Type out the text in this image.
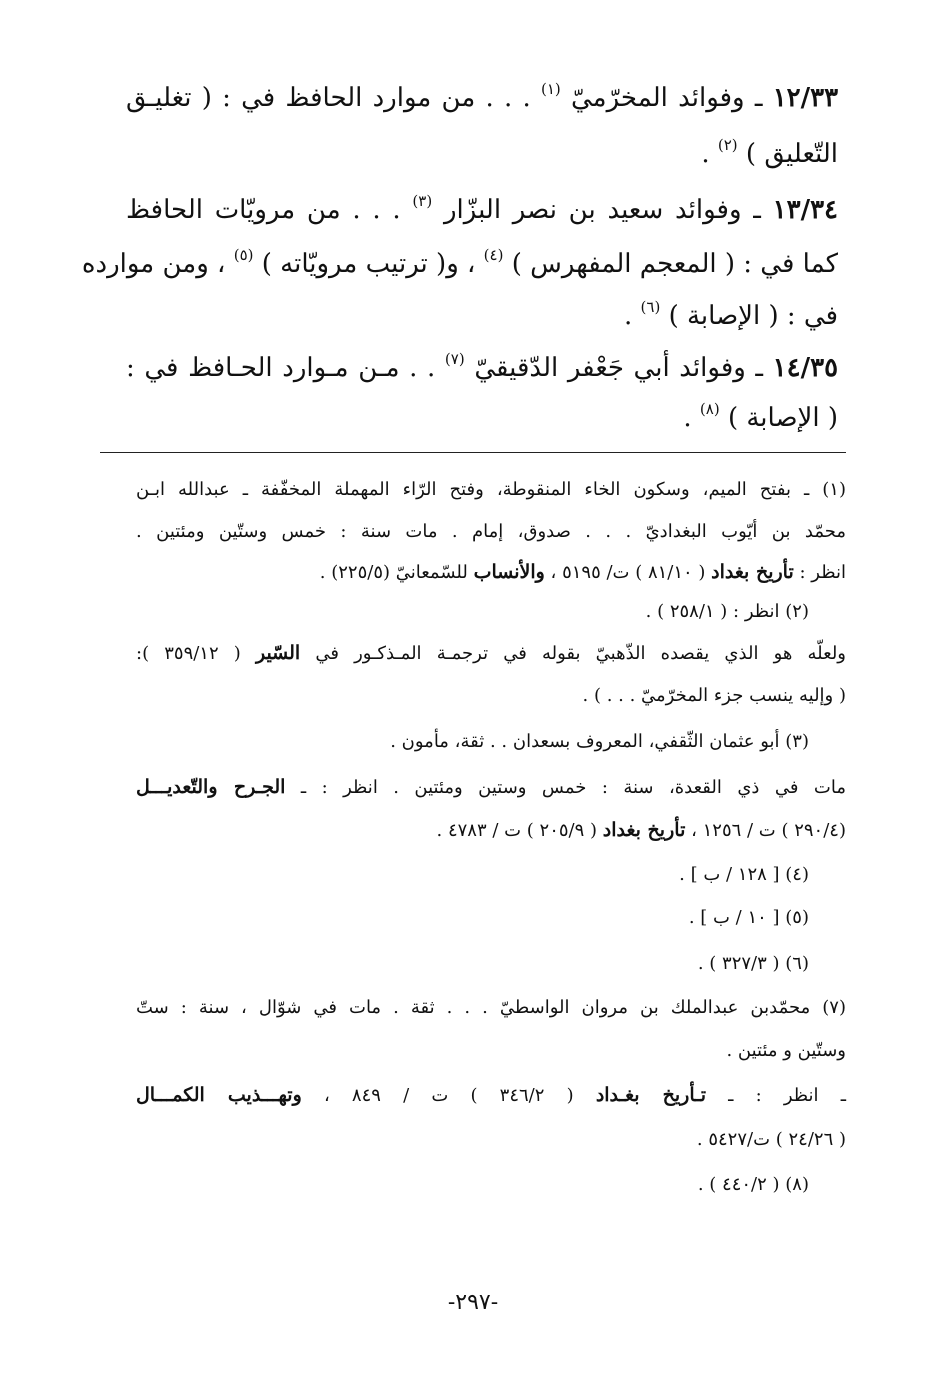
١٢/٣٣ ـ وفوائد المخرّميّ $^{(١)}$ . . . من موارد الحافظ في : ( تغليـق
التّعليق ) $^{(٢)}$ .
١٣/٣٤ ـ وفوائد سعيد بن نصر البزّار $^{(٣)}$ . . . من مرويّات الحافظ
كما في : ( المعجم المفهرس ) $^{(٤)}$ ، و( ترتيب مرويّاته ) $^{(٥)}$ ، ومن موارده
في : ( الإصابة ) $^{(٦)}$ .
١٤/٣٥ ـ وفوائد أبي جَعْفر الدّقيقيّ $^{(٧)}$ . . مـن مـوارد الحـافظ في :
( الإصابة ) $^{(٨)}$ .
(١) ـ بفتح الميم، وسكون الخاء المنقوطة، وفتح الرّاء المهملة المخفّفة ـ عبدالله ابـن
محمّد بن أيّوب البغداديّ . . . صدوق، إمام . مات سنة : خمس وستّين ومئتين .
انظر : تأريخ بغداد ( ٨١/١٠ ) ت/ ٥١٩٥ ، والأنساب للسّمعانيّ (٢٢٥/٥) .
(٢) انظر : ( ٢٥٨/١ ) .
ولعلّه هو الذي يقصده الذّهبيّ بقوله في ترجمـة المـذكـور في السّير ( ٣٥٩/١٢ ):
( وإليه ينسب جزء المخرّميّ . . . ) .
(٣) أبو عثمان الثّقفي، المعروف بسعدان . . ثقة، مأمون .
مات في ذي القعدة، سنة : خمس وستين ومئتين . انظر : ـ الجـرح والتّعديـــل
(٢٩٠/٤ ) ت / ١٢٥٦ ، تأريخ بغداد ( ٢٠٥/٩ ) ت / ٤٧٨٣ .
(٤) [ ١٢٨ / ب ] .
(٥) [ ١٠ / ب ] .
(٦) ( ٣٢٧/٣ ) .
(٧) محمّدبن عبدالملك بن مروان الواسطيّ . . . ثقة . مات في شوّال ، سنة : ستّ
وستّين و مئتين .
ـ انظر : ـ تـأريخ بغـداد ( ٣٤٦/٢ ) ت / ٨٤٩ ، وتهـــذيب الكمـــال
( ٢٤/٢٦ ) ت/٥٤٢٧ .
(٨) ( ٤٤٠/٢ ) .
-٢٩٧-
